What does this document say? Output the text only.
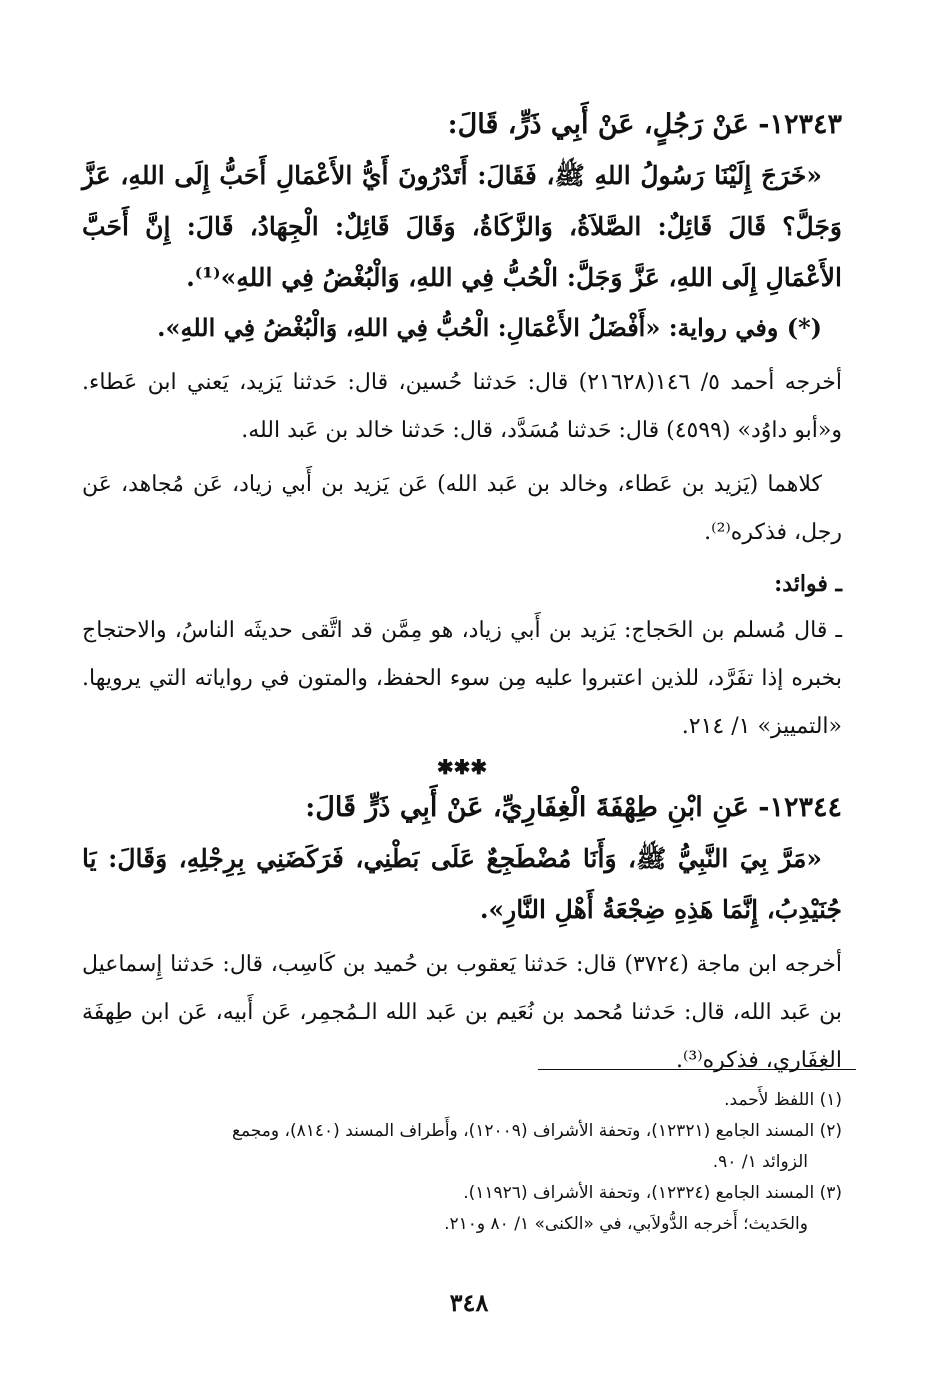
١٢٣٤٣- عَنْ رَجُلٍ، عَنْ أَبِي ذَرٍّ، قَالَ:

«خَرَجَ إِلَيْنَا رَسُولُ اللهِ ﷺ، فَقَالَ: أَتَدْرُونَ أَيُّ الأَعْمَالِ أَحَبُّ إِلَى اللهِ، عَزَّ وَجَلَّ؟ قَالَ قَائِلٌ: الصَّلاَةُ، وَالزَّكَاةُ، وَقَالَ قَائِلٌ: الْجِهَادُ، قَالَ: إِنَّ أَحَبَّ الأَعْمَالِ إِلَى اللهِ، عَزَّ وَجَلَّ: الْحُبُّ فِي اللهِ، وَالْبُغْضُ فِي اللهِ»⁽¹⁾.

(*) وفي رواية: «أَفْضَلُ الأَعْمَالِ: الْحُبُّ فِي اللهِ، وَالْبُغْضُ فِي اللهِ».

أخرجه أحمد ٥/ ١٤٦(٢١٦٢٨) قال: حَدثنا حُسين، قال: حَدثنا يَزيد، يَعني ابن عَطاء. و«أبو داوُد» (٤٥٩٩) قال: حَدثنا مُسَدَّد، قال: حَدثنا خالد بن عَبد الله.

كلاهما (يَزيد بن عَطاء، وخالد بن عَبد الله) عَن يَزيد بن أَبي زياد، عَن مُجاهد، عَن رجل، فذكره⁽²⁾.

ـ فوائد:

ـ قال مُسلم بن الحَجاج: يَزيد بن أَبي زياد، هو مِمَّن قد اتَّقى حديثَه الناسُ، والاحتجاج بخبره إذا تفَرَّد، للذين اعتبروا عليه مِن سوء الحفظ، والمتون في رواياته التي يرويها. «التمييز» ١/ ٢١٤.

✱✱✱

١٢٣٤٤- عَنِ ابْنِ طِهْفَةَ الْغِفَارِيِّ، عَنْ أَبِي ذَرٍّ قَالَ:

«مَرَّ بِيَ النَّبِيُّ ﷺ، وَأَنَا مُضْطَجِعٌ عَلَى بَطْنِي، فَرَكَضَنِي بِرِجْلِهِ، وَقَالَ: يَا جُنَيْدِبُ، إِنَّمَا هَذِهِ ضِجْعَةُ أَهْلِ النَّارِ».

أخرجه ابن ماجة (٣٧٢٤) قال: حَدثنا يَعقوب بن حُميد بن كَاسِب، قال: حَدثنا إِسماعيل بن عَبد الله، قال: حَدثنا مُحمد بن نُعَيم بن عَبد الله الـمُجمِر، عَن أَبيه، عَن ابن طِهفَة الغِفَاري، فذكره⁽³⁾.

(١) اللفظ لأَحمد.

(٢) المسند الجامع (١٢٣٢١)، وتحفة الأشراف (١٢٠٠٩)، وأَطراف المسند (٨١٤٠)، ومجمع

الزوائد ١/ ٩٠.

(٣) المسند الجامع (١٢٣٢٤)، وتحفة الأشراف (١١٩٢٦).

والحَديث؛ أَخرجه الدُّولاَبي، في «الكنى» ١/ ٨٠ و٢١٠.

٣٤٨
